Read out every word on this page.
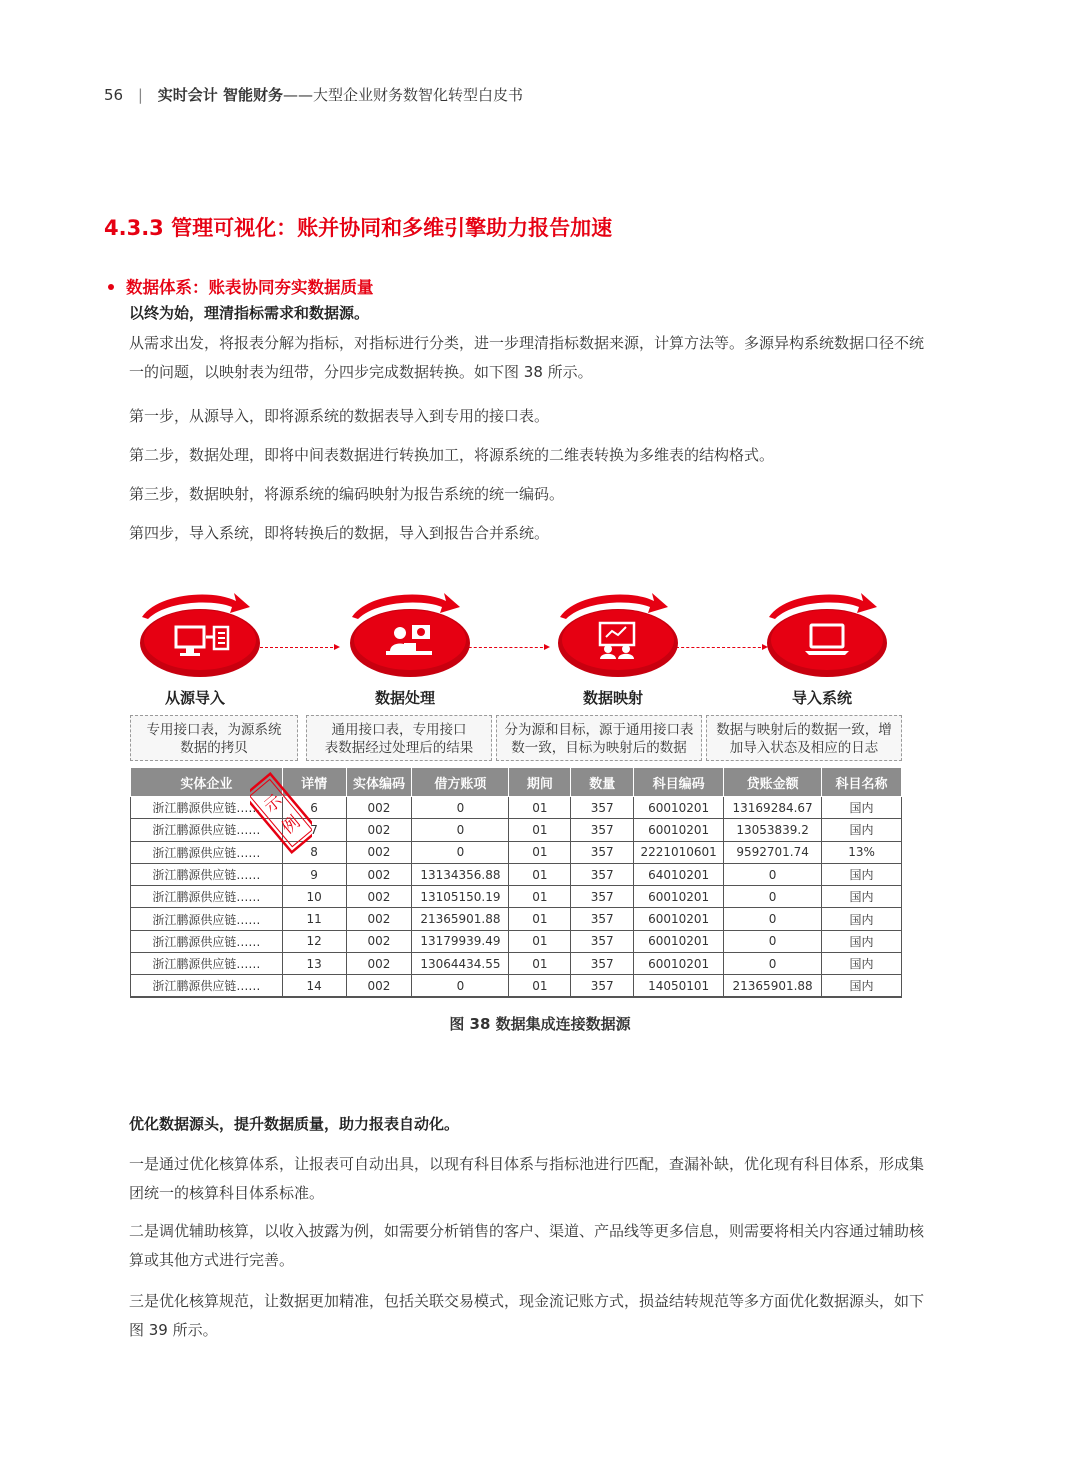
56 | 实时会计 智能财务——大型企业财务数智化转型白皮书
4.3.3 管理可视化：账并协同和多维引擎助力报告加速
数据体系：账表协同夯实数据质量
以终为始，理清指标需求和数据源。
从需求出发，将报表分解为指标，对指标进行分类，进一步理清指标数据来源，计算方法等。多源异构系统数据口径不统一的问题，以映射表为纽带，分四步完成数据转换。如下图 38 所示。
第一步，从源导入，即将源系统的数据表导入到专用的接口表。
第二步，数据处理，即将中间表数据进行转换加工，将源系统的二维表转换为多维表的结构格式。
第三步，数据映射，将源系统的编码映射为报告系统的统一编码。
第四步，导入系统，即将转换后的数据，导入到报告合并系统。
从源导入	数据处理	数据映射	导入系统
专用接口表，为源系统
数据的拷贝
通用接口表，专用接口
表数据经过处理后的结果
分为源和目标，源于通用接口表
数一致，目标为映射后的数据
数据与映射后的数据一致，增
加导入状态及相应的日志
实体企业	详情	实体编码	借方账项	期间	数量	科目编码	贷账金额	科目名称
浙江鹏源供应链……	6	002	0	01	357	60010201	13169284.67	国内
浙江鹏源供应链……	7	002	0	01	357	60010201	13053839.2	国内
浙江鹏源供应链……	8	002	0	01	357	2221010601	9592701.74	13%
浙江鹏源供应链……	9	002	13134356.88	01	357	64010201	0	国内
浙江鹏源供应链……	10	002	13105150.19	01	357	60010201	0	国内
浙江鹏源供应链……	11	002	21365901.88	01	357	60010201	0	国内
浙江鹏源供应链……	12	002	13179939.49	01	357	60010201	0	国内
浙江鹏源供应链……	13	002	13064434.55	01	357	60010201	0	国内
浙江鹏源供应链……	14	002	0	01	357	14050101	21365901.88	国内
示
例
图 38 数据集成连接数据源
优化数据源头，提升数据质量，助力报表自动化。
一是通过优化核算体系，让报表可自动出具，以现有科目体系与指标池进行匹配，查漏补缺，优化现有科目体系，形成集团统一的核算科目体系标准。
二是调优辅助核算，以收入披露为例，如需要分析销售的客户、渠道、产品线等更多信息，则需要将相关内容通过辅助核算或其他方式进行完善。
三是优化核算规范，让数据更加精准，包括关联交易模式，现金流记账方式，损益结转规范等多方面优化数据源头，如下图 39 所示。
